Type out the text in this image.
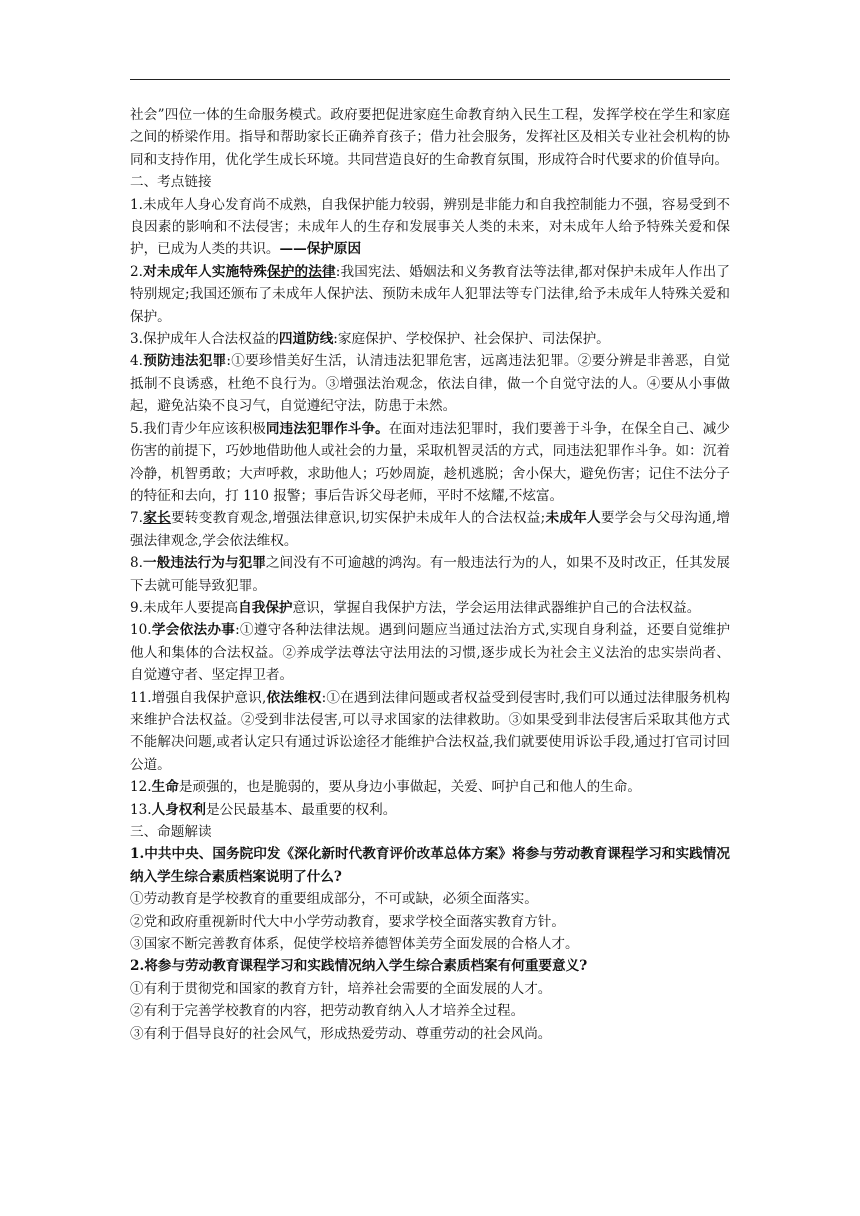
社会”四位一体的生命服务模式。政府要把促进家庭生命教育纳入民生工程，发挥学校在学生和家庭之间的桥梁作用。指导和帮助家长正确养育孩子；借力社会服务，发挥社区及相关专业社会机构的协同和支持作用，优化学生成长环境。共同营造良好的生命教育氛围，形成符合时代要求的价值导向。

二、考点链接

1.未成年人身心发育尚不成熟，自我保护能力较弱，辨别是非能力和自我控制能力不强，容易受到不良因素的影响和不法侵害；未成年人的生存和发展事关人类的未来，对未成年人给予特殊关爱和保护，已成为人类的共识。——保护原因

2.对未成年人实施特殊保护的法律:我国宪法、婚姻法和义务教育法等法律,都对保护未成年人作出了特别规定;我国还颁布了未成年人保护法、预防未成年人犯罪法等专门法律,给予未成年人特殊关爱和保护。

3.保护成年人合法权益的四道防线:家庭保护、学校保护、社会保护、司法保护。

4.预防违法犯罪:①要珍惜美好生活，认清违法犯罪危害，远离违法犯罪。②要分辨是非善恶，自觉抵制不良诱惑，杜绝不良行为。③增强法治观念，依法自律，做一个自觉守法的人。④要从小事做起，避免沾染不良习气，自觉遵纪守法，防患于未然。

5.我们青少年应该积极同违法犯罪作斗争。在面对违法犯罪时，我们要善于斗争，在保全自己、减少伤害的前提下，巧妙地借助他人或社会的力量，采取机智灵活的方式，同违法犯罪作斗争。如：沉着冷静，机智勇敢；大声呼救，求助他人；巧妙周旋，趁机逃脱；舍小保大，避免伤害；记住不法分子的特征和去向，打 110 报警；事后告诉父母老师，平时不炫耀,不炫富。

7.家长要转变教育观念,增强法律意识,切实保护未成年人的合法权益;未成年人要学会与父母沟通,增强法律观念,学会依法维权。

8.一般违法行为与犯罪之间没有不可逾越的鸿沟。有一般违法行为的人，如果不及时改正，任其发展下去就可能导致犯罪。

9.未成年人要提高自我保护意识，掌握自我保护方法，学会运用法律武器维护自己的合法权益。

10.学会依法办事:①遵守各种法律法规。遇到问题应当通过法治方式,实现自身利益，还要自觉维护他人和集体的合法权益。②养成学法尊法守法用法的习惯,逐步成长为社会主义法治的忠实崇尚者、自觉遵守者、坚定捍卫者。

11.增强自我保护意识,依法维权:①在遇到法律问题或者权益受到侵害时,我们可以通过法律服务机构来维护合法权益。②受到非法侵害,可以寻求国家的法律救助。③如果受到非法侵害后采取其他方式不能解决问题,或者认定只有通过诉讼途径才能维护合法权益,我们就要使用诉讼手段,通过打官司讨回公道。

12.生命是顽强的，也是脆弱的，要从身边小事做起，关爱、呵护自己和他人的生命。

13.人身权利是公民最基本、最重要的权利。

三、命题解读

1.中共中央、国务院印发《深化新时代教育评价改革总体方案》将参与劳动教育课程学习和实践情况纳入学生综合素质档案说明了什么?

①劳动教育是学校教育的重要组成部分，不可或缺，必须全面落实。

②党和政府重视新时代大中小学劳动教育，要求学校全面落实教育方针。

③国家不断完善教育体系，促使学校培养德智体美劳全面发展的合格人才。

2.将参与劳动教育课程学习和实践情况纳入学生综合素质档案有何重要意义?

①有利于贯彻党和国家的教育方针，培养社会需要的全面发展的人才。

②有利于完善学校教育的内容，把劳动教育纳入人才培养全过程。

③有利于倡导良好的社会风气，形成热爱劳动、尊重劳动的社会风尚。
